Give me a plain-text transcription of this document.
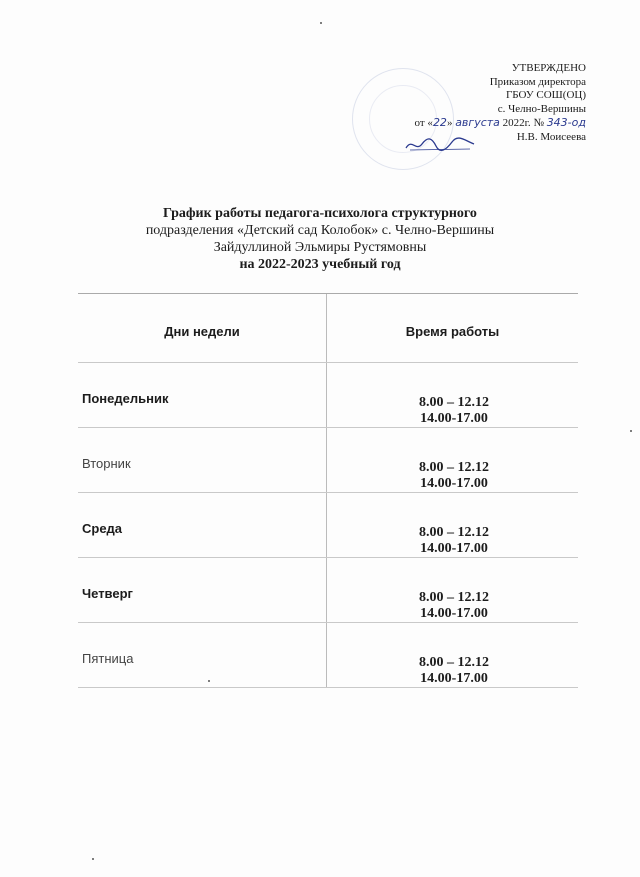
УТВЕРЖДЕНО
Приказом директора
ГБОУ СОШ(ОЦ)
с. Челно-Вершины
от «22» августа 2022г. № 343-од
Н.В. Моисеева
График работы педагога-психолога структурного
подразделения «Детский сад Колобок» с. Челно-Вершины
Зайдуллиной Эльмиры Рустямовны
на 2022-2023 учебный год
Дни недели	Время работы
Понедельник	8.00 – 12.12
14.00-17.00
Вторник	8.00 – 12.12
14.00-17.00
Среда	8.00 – 12.12
14.00-17.00
Четверг	8.00 – 12.12
14.00-17.00
Пятница	8.00 – 12.12
14.00-17.00
